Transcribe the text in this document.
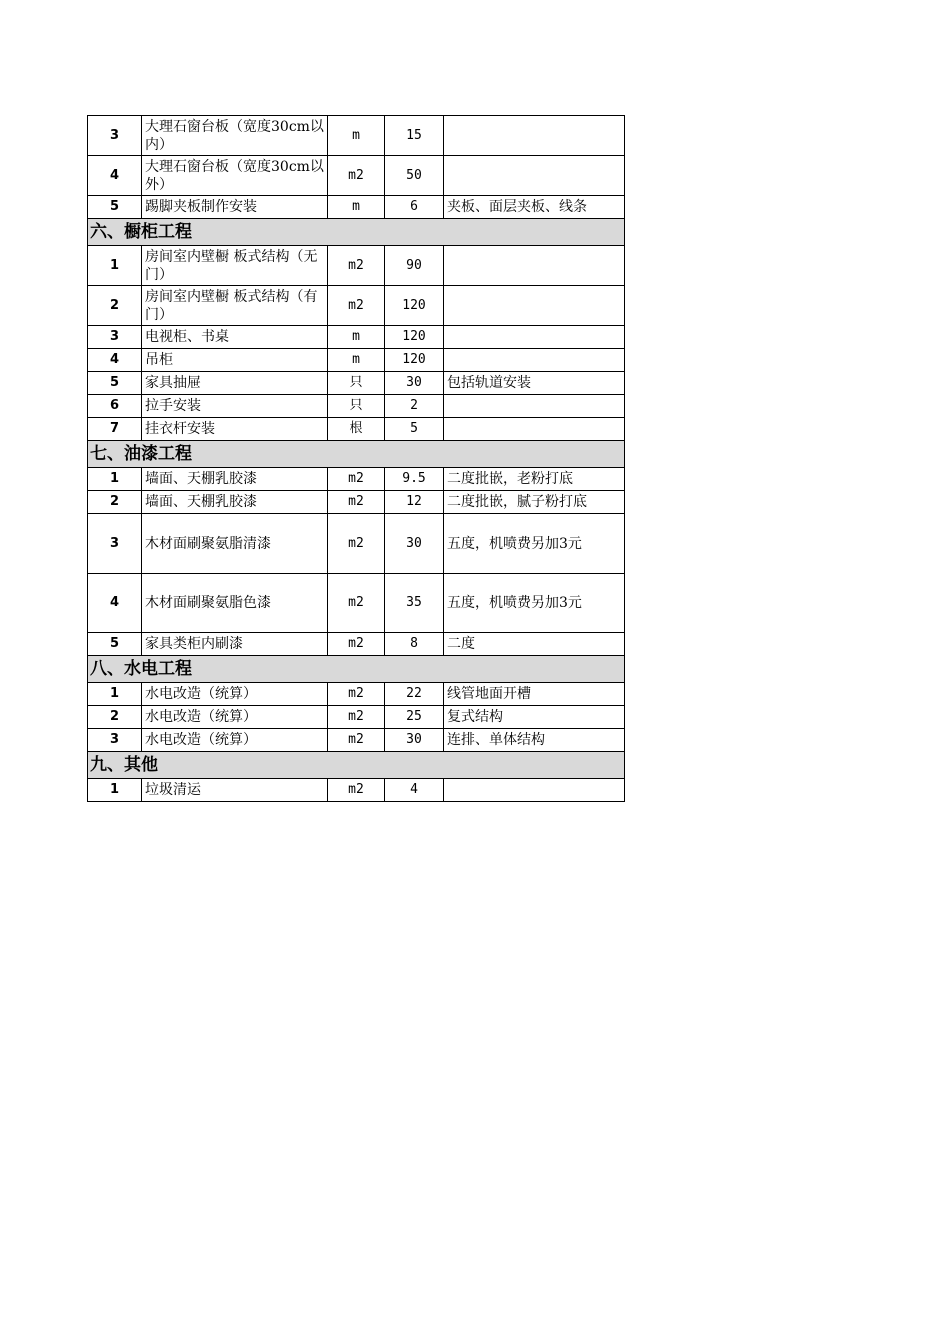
3	大理石窗台板（宽度30cm以内）	m	15	
4	大理石窗台板（宽度30cm以外）	m2	50	
5	踢脚夹板制作安装	m	6	夹板、面层夹板、线条
六、橱柜工程				
1	房间室内壁橱 板式结构（无门）	m2	90	
2	房间室内壁橱 板式结构（有门）	m2	120	
3	电视柜、书桌	m	120	
4	吊柜	m	120	
5	家具抽屉	只	30	包括轨道安装
6	拉手安装	只	2	
7	挂衣杆安装	根	5	
七、油漆工程				
1	墙面、天棚乳胶漆	m2	9.5	二度批嵌，老粉打底
2	墙面、天棚乳胶漆	m2	12	二度批嵌，腻子粉打底
3	木材面刷聚氨脂清漆	m2	30	五度，机喷费另加3元
4	木材面刷聚氨脂色漆	m2	35	五度，机喷费另加3元
5	家具类柜内刷漆	m2	8	二度
八、水电工程				
1	水电改造（统算）	m2	22	线管地面开槽
2	水电改造（统算）	m2	25	复式结构
3	水电改造（统算）	m2	30	连排、单体结构
九、其他				
1	垃圾清运	m2	4	
